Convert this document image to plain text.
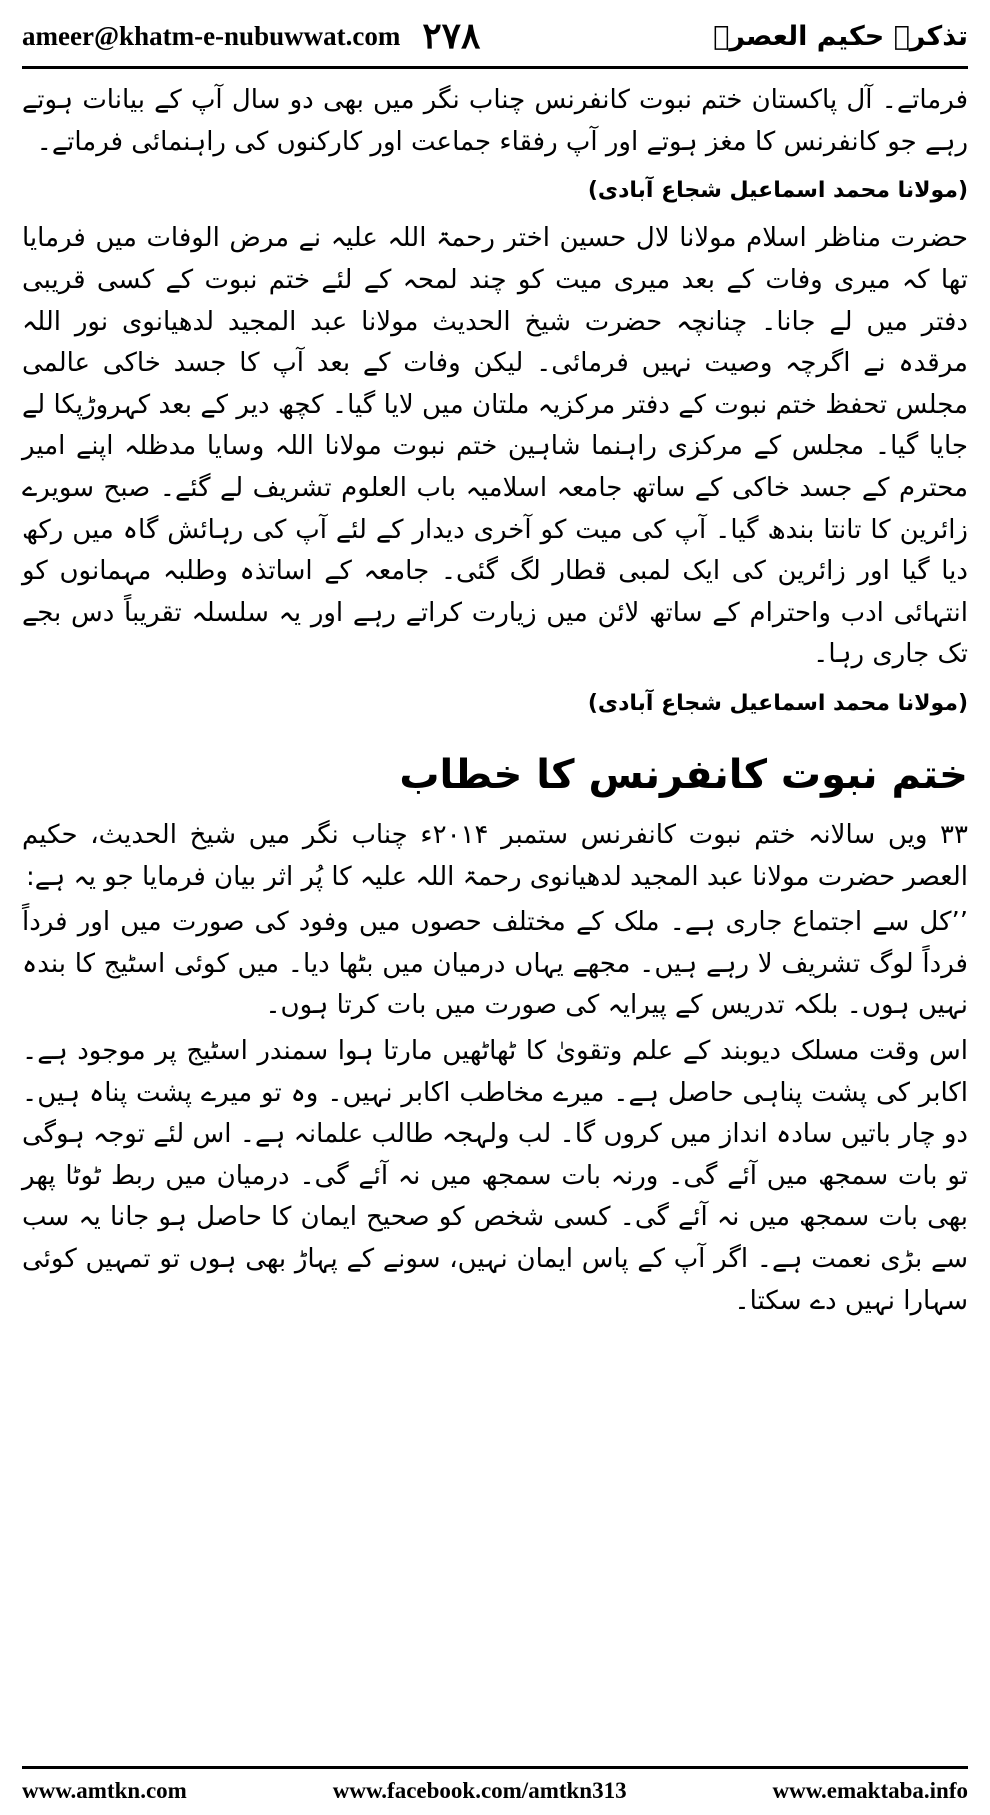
ameer@khatm-e-nubuwwat.com ۲۷۸	تذکرہ حکیم العصرؒ

فرماتے۔ آل پاکستان ختم نبوت کانفرنس چناب نگر میں بھی دو سال آپ کے بیانات ہوتے رہے جو کانفرنس کا مغز ہوتے اور آپ رفقاء جماعت اور کارکنوں کی راہنمائی فرماتے۔

(مولانا محمد اسماعیل شجاع آبادی)

حضرت مناظر اسلام مولانا لال حسین اختر رحمۃ اللہ علیہ نے مرض الوفات میں فرمایا تھا کہ میری وفات کے بعد میری میت کو چند لمحہ کے لئے ختم نبوت کے کسی قریبی دفتر میں لے جانا۔ چنانچہ حضرت شیخ الحدیث مولانا عبد المجید لدھیانوی نور اللہ مرقدہ نے اگرچہ وصیت نہیں فرمائی۔ لیکن وفات کے بعد آپ کا جسد خاکی عالمی مجلس تحفظ ختم نبوت کے دفتر مرکزیہ ملتان میں لایا گیا۔ کچھ دیر کے بعد کہروڑپکا لے جایا گیا۔ مجلس کے مرکزی راہنما شاہین ختم نبوت مولانا اللہ وسایا مدظلہ اپنے امیر محترم کے جسد خاکی کے ساتھ جامعہ اسلامیہ باب العلوم تشریف لے گئے۔ صبح سویرے زائرین کا تانتا بندھ گیا۔ آپ کی میت کو آخری دیدار کے لئے آپ کی رہائش گاہ میں رکھ دیا گیا اور زائرین کی ایک لمبی قطار لگ گئی۔ جامعہ کے اساتذہ وطلبہ مہمانوں کو انتہائی ادب واحترام کے ساتھ لائن میں زیارت کراتے رہے اور یہ سلسلہ تقریباً دس بجے تک جاری رہا۔

(مولانا محمد اسماعیل شجاع آبادی)

ختم نبوت کانفرنس کا خطاب

۳۳ ویں سالانہ ختم نبوت کانفرنس ستمبر ۲۰۱۴ء چناب نگر میں شیخ الحدیث، حکیم العصر حضرت مولانا عبد المجید لدھیانوی رحمۃ اللہ علیہ کا پُر اثر بیان فرمایا جو یہ ہے:

’’کل سے اجتماع جاری ہے۔ ملک کے مختلف حصوں میں وفود کی صورت میں اور فرداً فرداً لوگ تشریف لا رہے ہیں۔ مجھے یہاں درمیان میں بٹھا دیا۔ میں کوئی اسٹیج کا بندہ نہیں ہوں۔ بلکہ تدریس کے پیرایہ کی صورت میں بات کرتا ہوں۔

اس وقت مسلک دیوبند کے علم وتقویٰ کا ٹھاٹھیں مارتا ہوا سمندر اسٹیج پر موجود ہے۔ اکابر کی پشت پناہی حاصل ہے۔ میرے مخاطب اکابر نہیں۔ وہ تو میرے پشت پناہ ہیں۔ دو چار باتیں سادہ انداز میں کروں گا۔ لب ولہجہ طالب علمانہ ہے۔ اس لئے توجہ ہوگی تو بات سمجھ میں آئے گی۔ ورنہ بات سمجھ میں نہ آئے گی۔ درمیان میں ربط ٹوٹا پھر بھی بات سمجھ میں نہ آئے گی۔ کسی شخص کو صحیح ایمان کا حاصل ہو جانا یہ سب سے بڑی نعمت ہے۔ اگر آپ کے پاس ایمان نہیں، سونے کے پہاڑ بھی ہوں تو تمہیں کوئی سہارا نہیں دے سکتا۔

www.amtkn.com	www.facebook.com/amtkn313	www.emaktaba.info
